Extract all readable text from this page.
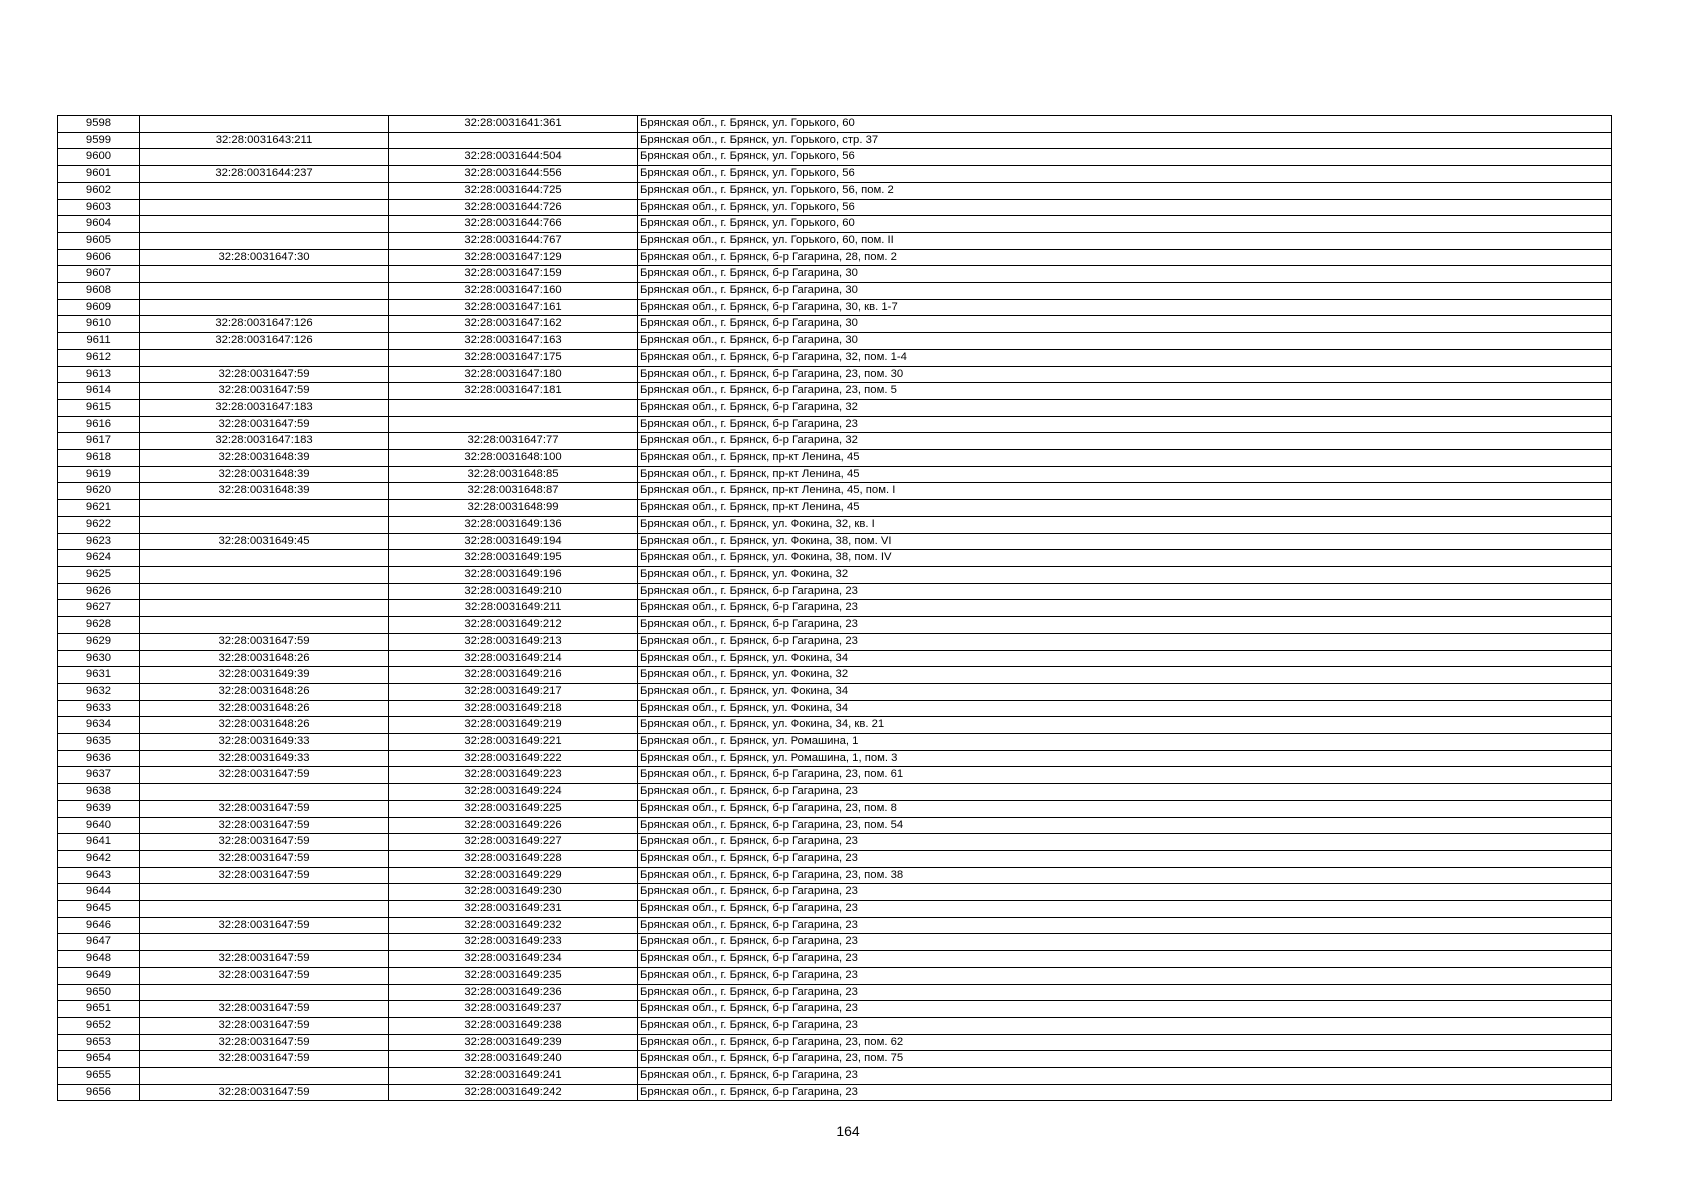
9598		32:28:0031641:361	Брянская обл., г. Брянск, ул. Горького, 60
9599	32:28:0031643:211		Брянская обл., г. Брянск, ул. Горького, стр. 37
9600		32:28:0031644:504	Брянская обл., г. Брянск, ул. Горького, 56
9601	32:28:0031644:237	32:28:0031644:556	Брянская обл., г. Брянск, ул. Горького, 56
9602		32:28:0031644:725	Брянская обл., г. Брянск, ул. Горького, 56, пом. 2
9603		32:28:0031644:726	Брянская обл., г. Брянск, ул. Горького, 56
9604		32:28:0031644:766	Брянская обл., г. Брянск, ул. Горького, 60
9605		32:28:0031644:767	Брянская обл., г. Брянск, ул. Горького, 60, пом. II
9606	32:28:0031647:30	32:28:0031647:129	Брянская обл., г. Брянск, б-р Гагарина, 28, пом. 2
9607		32:28:0031647:159	Брянская обл., г. Брянск, б-р Гагарина, 30
9608		32:28:0031647:160	Брянская обл., г. Брянск, б-р Гагарина, 30
9609		32:28:0031647:161	Брянская обл., г. Брянск, б-р Гагарина, 30, кв. 1-7
9610	32:28:0031647:126	32:28:0031647:162	Брянская обл., г. Брянск, б-р Гагарина, 30
9611	32:28:0031647:126	32:28:0031647:163	Брянская обл., г. Брянск, б-р Гагарина, 30
9612		32:28:0031647:175	Брянская обл., г. Брянск, б-р Гагарина, 32, пом. 1-4
9613	32:28:0031647:59	32:28:0031647:180	Брянская обл., г. Брянск, б-р Гагарина, 23, пом. 30
9614	32:28:0031647:59	32:28:0031647:181	Брянская обл., г. Брянск, б-р Гагарина, 23, пом. 5
9615	32:28:0031647:183		Брянская обл., г. Брянск, б-р Гагарина, 32
9616	32:28:0031647:59		Брянская обл., г. Брянск, б-р Гагарина, 23
9617	32:28:0031647:183	32:28:0031647:77	Брянская обл., г. Брянск, б-р Гагарина, 32
9618	32:28:0031648:39	32:28:0031648:100	Брянская обл., г. Брянск, пр-кт Ленина, 45
9619	32:28:0031648:39	32:28:0031648:85	Брянская обл., г. Брянск, пр-кт Ленина, 45
9620	32:28:0031648:39	32:28:0031648:87	Брянская обл., г. Брянск, пр-кт Ленина, 45, пом. I
9621		32:28:0031648:99	Брянская обл., г. Брянск, пр-кт Ленина, 45
9622		32:28:0031649:136	Брянская обл., г. Брянск, ул. Фокина, 32, кв. I
9623	32:28:0031649:45	32:28:0031649:194	Брянская обл., г. Брянск, ул. Фокина, 38, пом. VI
9624		32:28:0031649:195	Брянская обл., г. Брянск, ул. Фокина, 38, пом. IV
9625		32:28:0031649:196	Брянская обл., г. Брянск, ул. Фокина, 32
9626		32:28:0031649:210	Брянская обл., г. Брянск, б-р Гагарина, 23
9627		32:28:0031649:211	Брянская обл., г. Брянск, б-р Гагарина, 23
9628		32:28:0031649:212	Брянская обл., г. Брянск, б-р Гагарина, 23
9629	32:28:0031647:59	32:28:0031649:213	Брянская обл., г. Брянск, б-р Гагарина, 23
9630	32:28:0031648:26	32:28:0031649:214	Брянская обл., г. Брянск, ул. Фокина, 34
9631	32:28:0031649:39	32:28:0031649:216	Брянская обл., г. Брянск, ул. Фокина, 32
9632	32:28:0031648:26	32:28:0031649:217	Брянская обл., г. Брянск, ул. Фокина, 34
9633	32:28:0031648:26	32:28:0031649:218	Брянская обл., г. Брянск, ул. Фокина, 34
9634	32:28:0031648:26	32:28:0031649:219	Брянская обл., г. Брянск, ул. Фокина, 34, кв. 21
9635	32:28:0031649:33	32:28:0031649:221	Брянская обл., г. Брянск, ул. Ромашина, 1
9636	32:28:0031649:33	32:28:0031649:222	Брянская обл., г. Брянск, ул. Ромашина, 1, пом. 3
9637	32:28:0031647:59	32:28:0031649:223	Брянская обл., г. Брянск, б-р Гагарина, 23, пом. 61
9638		32:28:0031649:224	Брянская обл., г. Брянск, б-р Гагарина, 23
9639	32:28:0031647:59	32:28:0031649:225	Брянская обл., г. Брянск, б-р Гагарина, 23, пом. 8
9640	32:28:0031647:59	32:28:0031649:226	Брянская обл., г. Брянск, б-р Гагарина, 23, пом. 54
9641	32:28:0031647:59	32:28:0031649:227	Брянская обл., г. Брянск, б-р Гагарина, 23
9642	32:28:0031647:59	32:28:0031649:228	Брянская обл., г. Брянск, б-р Гагарина, 23
9643	32:28:0031647:59	32:28:0031649:229	Брянская обл., г. Брянск, б-р Гагарина, 23, пом. 38
9644		32:28:0031649:230	Брянская обл., г. Брянск, б-р Гагарина, 23
9645		32:28:0031649:231	Брянская обл., г. Брянск, б-р Гагарина, 23
9646	32:28:0031647:59	32:28:0031649:232	Брянская обл., г. Брянск, б-р Гагарина, 23
9647		32:28:0031649:233	Брянская обл., г. Брянск, б-р Гагарина, 23
9648	32:28:0031647:59	32:28:0031649:234	Брянская обл., г. Брянск, б-р Гагарина, 23
9649	32:28:0031647:59	32:28:0031649:235	Брянская обл., г. Брянск, б-р Гагарина, 23
9650		32:28:0031649:236	Брянская обл., г. Брянск, б-р Гагарина, 23
9651	32:28:0031647:59	32:28:0031649:237	Брянская обл., г. Брянск, б-р Гагарина, 23
9652	32:28:0031647:59	32:28:0031649:238	Брянская обл., г. Брянск, б-р Гагарина, 23
9653	32:28:0031647:59	32:28:0031649:239	Брянская обл., г. Брянск, б-р Гагарина, 23, пом. 62
9654	32:28:0031647:59	32:28:0031649:240	Брянская обл., г. Брянск, б-р Гагарина, 23, пом. 75
9655		32:28:0031649:241	Брянская обл., г. Брянск, б-р Гагарина, 23
9656	32:28:0031647:59	32:28:0031649:242	Брянская обл., г. Брянск, б-р Гагарина, 23
164
